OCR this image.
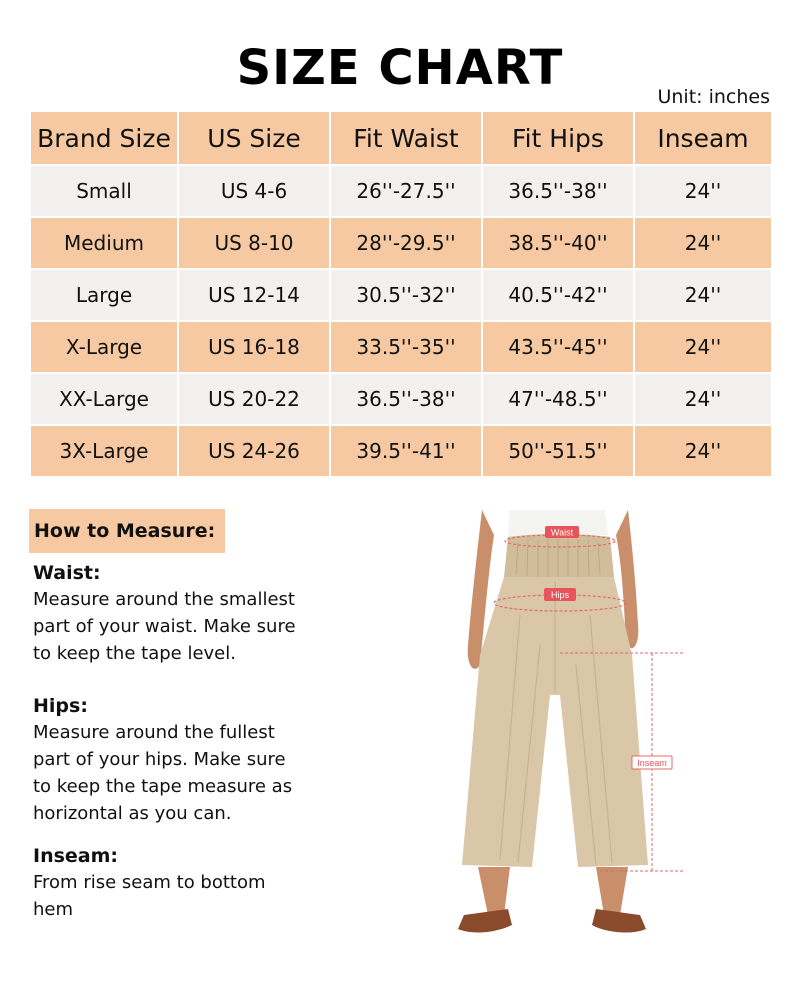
SIZE CHART
Unit: inches
Brand Size	US Size	Fit Waist	Fit Hips	Inseam
Small	US 4-6	26''-27.5''	36.5''-38''	24''
Medium	US 8-10	28''-29.5''	38.5''-40''	24''
Large	US 12-14	30.5''-32''	40.5''-42''	24''
X-Large	US 16-18	33.5''-35''	43.5''-45''	24''
XX-Large	US 20-22	36.5''-38''	47''-48.5''	24''
3X-Large	US 24-26	39.5''-41''	50''-51.5''	24''
How to Measure:
Waist:
Measure around the smallest
part of your waist. Make sure
to keep the tape level.
Hips:
Measure around the fullest
part of your hips. Make sure
to keep the tape measure as
horizontal as you can.
Inseam:
From rise seam to bottom
hem
Waist
Hips
Inseam
